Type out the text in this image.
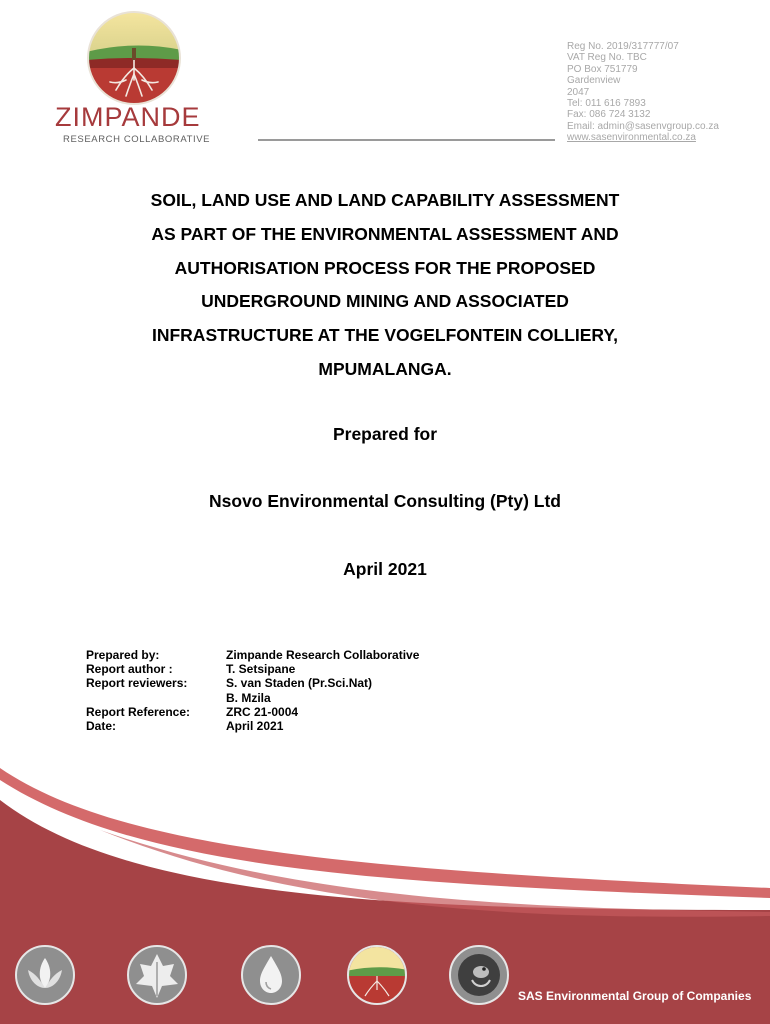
ZIMPANDE
RESEARCH COLLABORATIVE
Reg No. 2019/317777/07
VAT Reg No. TBC
PO Box 751779
Gardenview
2047
Tel: 011 616 7893
Fax: 086 724 3132
Email: admin@sasenvgroup.co.za
www.sasenvironmental.co.za
SOIL, LAND USE AND LAND CAPABILITY ASSESSMENT
AS PART OF THE ENVIRONMENTAL ASSESSMENT AND
AUTHORISATION PROCESS FOR THE PROPOSED
UNDERGROUND MINING AND ASSOCIATED
INFRASTRUCTURE AT THE VOGELFONTEIN COLLIERY,
MPUMALANGA.
Prepared for
Nsovo Environmental Consulting (Pty) Ltd
April 2021
Prepared by:	Zimpande Research Collaborative
Report author :	T. Setsipane
Report reviewers:	S. van Staden (Pr.Sci.Nat)
B. Mzila
Report Reference:	ZRC 21-0004
Date:	April 2021
SAS Environmental Group of Companies
